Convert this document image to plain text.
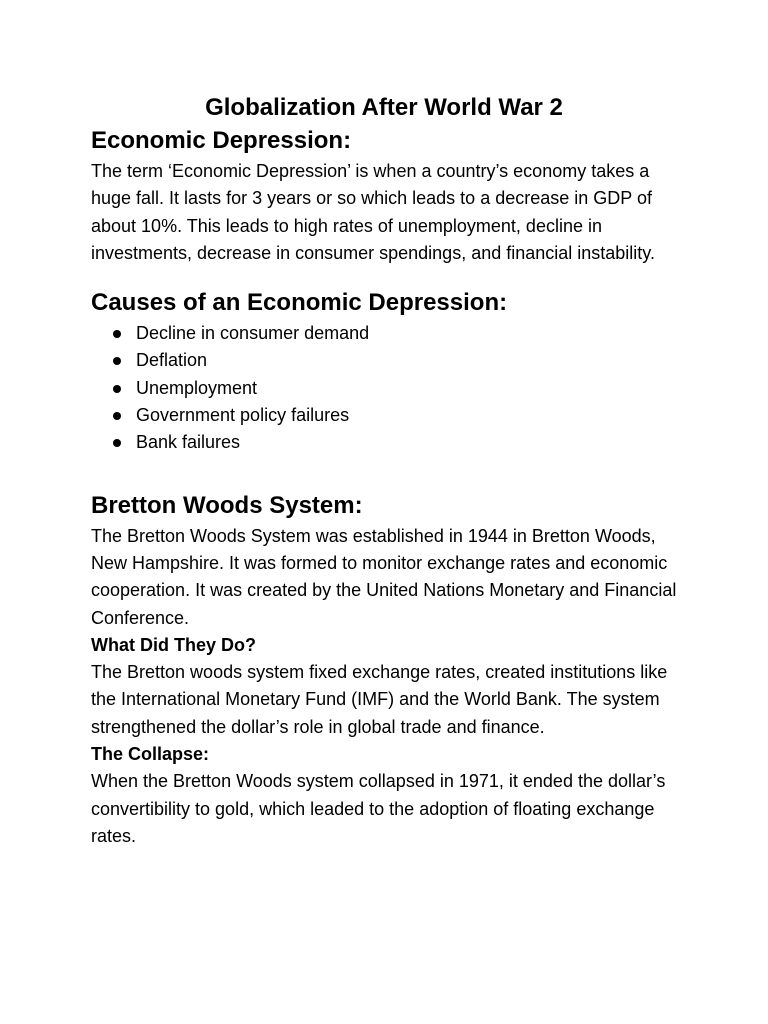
Globalization After World War 2
Economic Depression:

The term ‘Economic Depression’ is when a country’s economy takes a huge fall. It lasts for 3 years or so which leads to a decrease in GDP of about 10%. This leads to high rates of unemployment, decline in investments, decrease in consumer spendings, and financial instability.

Causes of an Economic Depression:
Decline in consumer demand
Deflation
Unemployment
Government policy failures
Bank failures
Bretton Woods System:

The Bretton Woods System was established in 1944 in Bretton Woods, New Hampshire. It was formed to monitor exchange rates and economic cooperation. It was created by the United Nations Monetary and Financial Conference.

What Did They Do?

The Bretton woods system fixed exchange rates, created institutions like the International Monetary Fund (IMF) and the World Bank. The system strengthened the dollar’s role in global trade and finance.

The Collapse:

When the Bretton Woods system collapsed in 1971, it ended the dollar’s convertibility to gold, which leaded to the adoption of floating exchange rates.
